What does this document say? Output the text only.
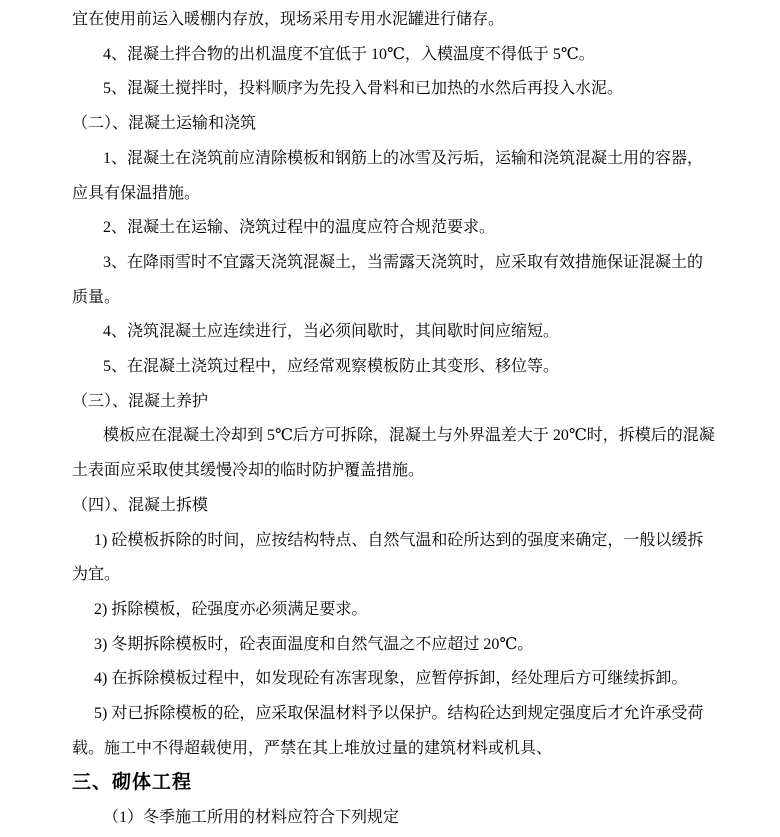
宜在使用前运入暖棚内存放，现场采用专用水泥罐进行储存。

4、混凝土拌合物的出机温度不宜低于 10℃，入模温度不得低于 5℃。

5、混凝土搅拌时，投料顺序为先投入骨料和已加热的水然后再投入水泥。

（二）、混凝土运输和浇筑

1、混凝土在浇筑前应清除模板和钢筋上的冰雪及污垢，运输和浇筑混凝土用的容器，

应具有保温措施。

2、混凝土在运输、浇筑过程中的温度应符合规范要求。

3、在降雨雪时不宜露天浇筑混凝土，当需露天浇筑时，应采取有效措施保证混凝土的

质量。

4、浇筑混凝土应连续进行，当必须间歇时，其间歇时间应缩短。

5、在混凝土浇筑过程中，应经常观察模板防止其变形、移位等。

（三）、混凝土养护

模板应在混凝土冷却到 5℃后方可拆除，混凝土与外界温差大于 20℃时，拆模后的混凝

土表面应采取使其缓慢冷却的临时防护覆盖措施。

（四）、混凝土拆模

1) 砼模板拆除的时间，应按结构特点、自然气温和砼所达到的强度来确定，一般以缓拆

为宜。

2) 拆除模板，砼强度亦必须满足要求。

3) 冬期拆除模板时，砼表面温度和自然气温之不应超过 20℃。

4) 在拆除模板过程中，如发现砼有冻害现象，应暂停拆卸，经处理后方可继续拆卸。

5) 对已拆除模板的砼，应采取保温材料予以保护。结构砼达到规定强度后才允许承受荷

载。施工中不得超载使用，严禁在其上堆放过量的建筑材料或机具、

三、砌体工程

（1）冬季施工所用的材料应符合下列规定
